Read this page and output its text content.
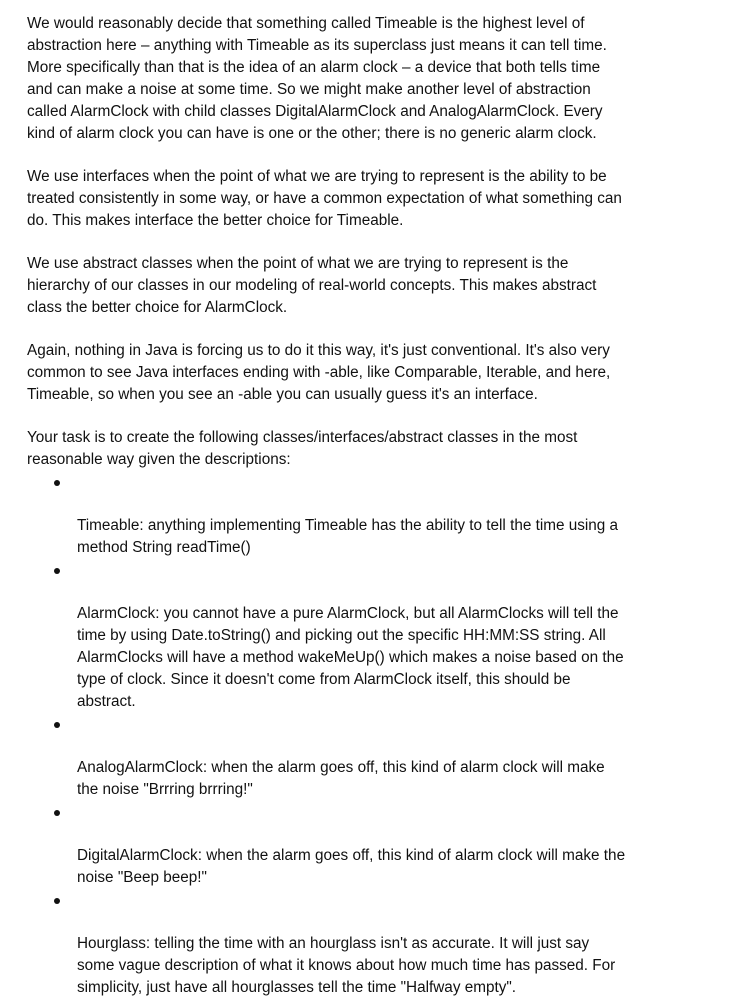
We would reasonably decide that something called Timeable is the highest level of
abstraction here – anything with Timeable as its superclass just means it can tell time.
More specifically than that is the idea of an alarm clock – a device that both tells time
and can make a noise at some time. So we might make another level of abstraction
called AlarmClock with child classes DigitalAlarmClock and AnalogAlarmClock. Every
kind of alarm clock you can have is one or the other; there is no generic alarm clock.

We use interfaces when the point of what we are trying to represent is the ability to be
treated consistently in some way, or have a common expectation of what something can
do. This makes interface the better choice for Timeable.

We use abstract classes when the point of what we are trying to represent is the
hierarchy of our classes in our modeling of real-world concepts. This makes abstract
class the better choice for AlarmClock.

Again, nothing in Java is forcing us to do it this way, it's just conventional. It's also very
common to see Java interfaces ending with -able, like Comparable, Iterable, and here,
Timeable, so when you see an -able you can usually guess it's an interface.

Your task is to create the following classes/interfaces/abstract classes in the most
reasonable way given the descriptions:

Timeable: anything implementing Timeable has the ability to tell the time using a
method String readTime()

AlarmClock: you cannot have a pure AlarmClock, but all AlarmClocks will tell the
time by using Date.toString() and picking out the specific HH:MM:SS string. All
AlarmClocks will have a method wakeMeUp() which makes a noise based on the
type of clock. Since it doesn't come from AlarmClock itself, this should be
abstract.

AnalogAlarmClock: when the alarm goes off, this kind of alarm clock will make
the noise "Brrring brrring!"

DigitalAlarmClock: when the alarm goes off, this kind of alarm clock will make the
noise "Beep beep!"

Hourglass: telling the time with an hourglass isn't as accurate. It will just say
some vague description of what it knows about how much time has passed. For
simplicity, just have all hourglasses tell the time "Halfway empty".
